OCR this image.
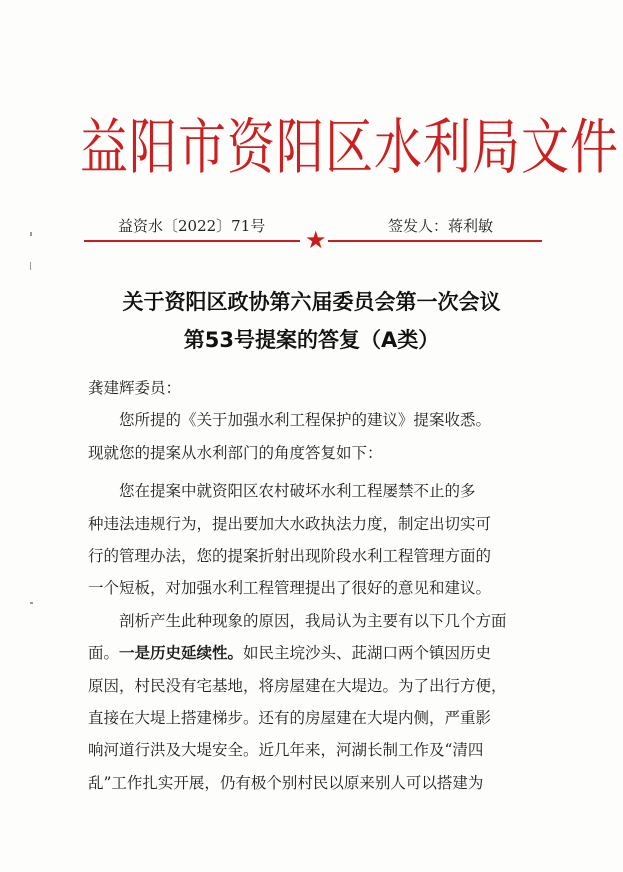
益阳市资阳区水利局文件
益资水〔2022〕71号	签发人：蒋利敏
★
关于资阳区政协第六届委员会第一次会议
第53号提案的答复（A类）
龚建辉委员：
您所提的《关于加强水利工程保护的建议》提案收悉。
现就您的提案从水利部门的角度答复如下：
您在提案中就资阳区农村破坏水利工程屡禁不止的多
种违法违规行为，提出要加大水政执法力度，制定出切实可
行的管理办法，您的提案折射出现阶段水利工程管理方面的
一个短板，对加强水利工程管理提出了很好的意见和建议。
剖析产生此种现象的原因，我局认为主要有以下几个方面
面。一是历史延续性。如民主垸沙头、茈湖口两个镇因历史
原因，村民没有宅基地，将房屋建在大堤边。为了出行方便，
直接在大堤上搭建梯步。还有的房屋建在大堤内侧，严重影
响河道行洪及大堤安全。近几年来，河湖长制工作及“清四
乱”工作扎实开展，仍有极个别村民以原来别人可以搭建为
